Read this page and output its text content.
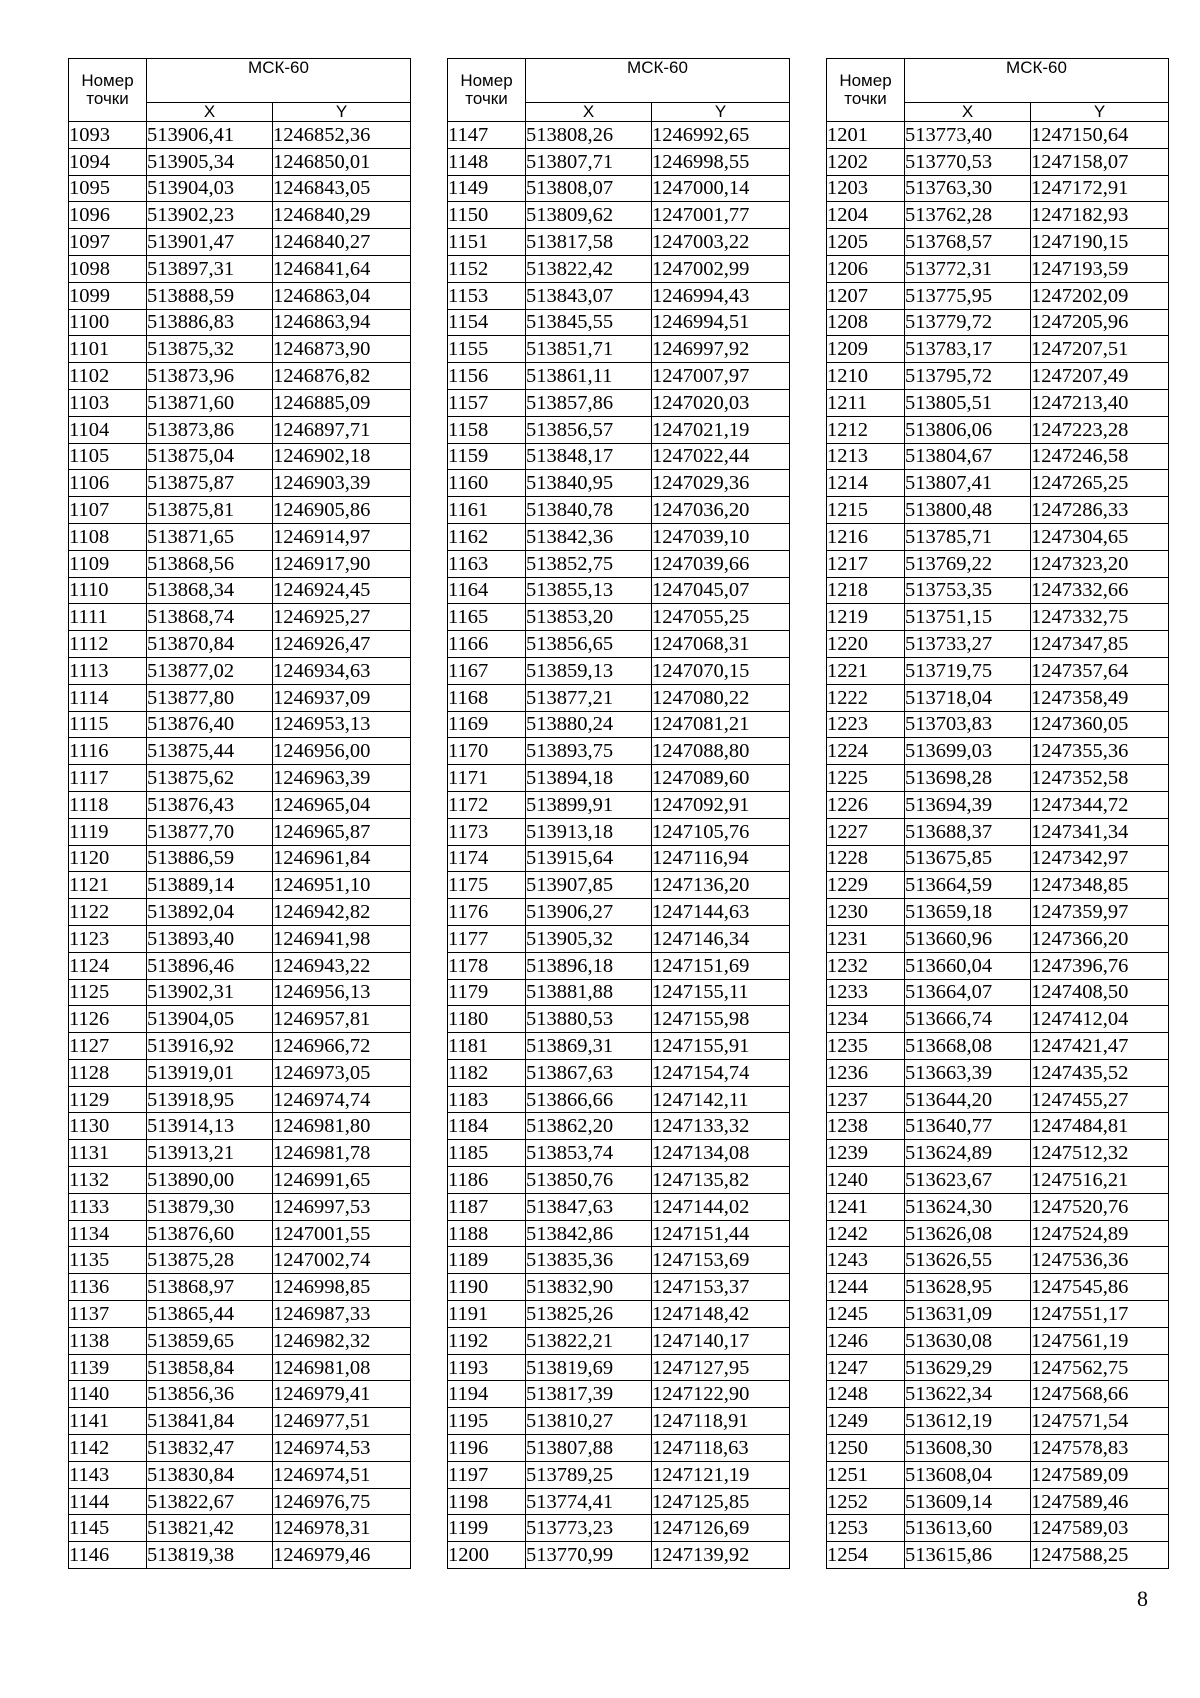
Номер точки	МСК-60	
	X	Y
1093	513906,41	1246852,36
1094	513905,34	1246850,01
1095	513904,03	1246843,05
1096	513902,23	1246840,29
1097	513901,47	1246840,27
1098	513897,31	1246841,64
1099	513888,59	1246863,04
1100	513886,83	1246863,94
1101	513875,32	1246873,90
1102	513873,96	1246876,82
1103	513871,60	1246885,09
1104	513873,86	1246897,71
1105	513875,04	1246902,18
1106	513875,87	1246903,39
1107	513875,81	1246905,86
1108	513871,65	1246914,97
1109	513868,56	1246917,90
1110	513868,34	1246924,45
1111	513868,74	1246925,27
1112	513870,84	1246926,47
1113	513877,02	1246934,63
1114	513877,80	1246937,09
1115	513876,40	1246953,13
1116	513875,44	1246956,00
1117	513875,62	1246963,39
1118	513876,43	1246965,04
1119	513877,70	1246965,87
1120	513886,59	1246961,84
1121	513889,14	1246951,10
1122	513892,04	1246942,82
1123	513893,40	1246941,98
1124	513896,46	1246943,22
1125	513902,31	1246956,13
1126	513904,05	1246957,81
1127	513916,92	1246966,72
1128	513919,01	1246973,05
1129	513918,95	1246974,74
1130	513914,13	1246981,80
1131	513913,21	1246981,78
1132	513890,00	1246991,65
1133	513879,30	1246997,53
1134	513876,60	1247001,55
1135	513875,28	1247002,74
1136	513868,97	1246998,85
1137	513865,44	1246987,33
1138	513859,65	1246982,32
1139	513858,84	1246981,08
1140	513856,36	1246979,41
1141	513841,84	1246977,51
1142	513832,47	1246974,53
1143	513830,84	1246974,51
1144	513822,67	1246976,75
1145	513821,42	1246978,31
1146	513819,38	1246979,46
Номер точки	МСК-60	
	X	Y
1147	513808,26	1246992,65
1148	513807,71	1246998,55
1149	513808,07	1247000,14
1150	513809,62	1247001,77
1151	513817,58	1247003,22
1152	513822,42	1247002,99
1153	513843,07	1246994,43
1154	513845,55	1246994,51
1155	513851,71	1246997,92
1156	513861,11	1247007,97
1157	513857,86	1247020,03
1158	513856,57	1247021,19
1159	513848,17	1247022,44
1160	513840,95	1247029,36
1161	513840,78	1247036,20
1162	513842,36	1247039,10
1163	513852,75	1247039,66
1164	513855,13	1247045,07
1165	513853,20	1247055,25
1166	513856,65	1247068,31
1167	513859,13	1247070,15
1168	513877,21	1247080,22
1169	513880,24	1247081,21
1170	513893,75	1247088,80
1171	513894,18	1247089,60
1172	513899,91	1247092,91
1173	513913,18	1247105,76
1174	513915,64	1247116,94
1175	513907,85	1247136,20
1176	513906,27	1247144,63
1177	513905,32	1247146,34
1178	513896,18	1247151,69
1179	513881,88	1247155,11
1180	513880,53	1247155,98
1181	513869,31	1247155,91
1182	513867,63	1247154,74
1183	513866,66	1247142,11
1184	513862,20	1247133,32
1185	513853,74	1247134,08
1186	513850,76	1247135,82
1187	513847,63	1247144,02
1188	513842,86	1247151,44
1189	513835,36	1247153,69
1190	513832,90	1247153,37
1191	513825,26	1247148,42
1192	513822,21	1247140,17
1193	513819,69	1247127,95
1194	513817,39	1247122,90
1195	513810,27	1247118,91
1196	513807,88	1247118,63
1197	513789,25	1247121,19
1198	513774,41	1247125,85
1199	513773,23	1247126,69
1200	513770,99	1247139,92
Номер точки	МСК-60	
	X	Y
1201	513773,40	1247150,64
1202	513770,53	1247158,07
1203	513763,30	1247172,91
1204	513762,28	1247182,93
1205	513768,57	1247190,15
1206	513772,31	1247193,59
1207	513775,95	1247202,09
1208	513779,72	1247205,96
1209	513783,17	1247207,51
1210	513795,72	1247207,49
1211	513805,51	1247213,40
1212	513806,06	1247223,28
1213	513804,67	1247246,58
1214	513807,41	1247265,25
1215	513800,48	1247286,33
1216	513785,71	1247304,65
1217	513769,22	1247323,20
1218	513753,35	1247332,66
1219	513751,15	1247332,75
1220	513733,27	1247347,85
1221	513719,75	1247357,64
1222	513718,04	1247358,49
1223	513703,83	1247360,05
1224	513699,03	1247355,36
1225	513698,28	1247352,58
1226	513694,39	1247344,72
1227	513688,37	1247341,34
1228	513675,85	1247342,97
1229	513664,59	1247348,85
1230	513659,18	1247359,97
1231	513660,96	1247366,20
1232	513660,04	1247396,76
1233	513664,07	1247408,50
1234	513666,74	1247412,04
1235	513668,08	1247421,47
1236	513663,39	1247435,52
1237	513644,20	1247455,27
1238	513640,77	1247484,81
1239	513624,89	1247512,32
1240	513623,67	1247516,21
1241	513624,30	1247520,76
1242	513626,08	1247524,89
1243	513626,55	1247536,36
1244	513628,95	1247545,86
1245	513631,09	1247551,17
1246	513630,08	1247561,19
1247	513629,29	1247562,75
1248	513622,34	1247568,66
1249	513612,19	1247571,54
1250	513608,30	1247578,83
1251	513608,04	1247589,09
1252	513609,14	1247589,46
1253	513613,60	1247589,03
1254	513615,86	1247588,25
8
